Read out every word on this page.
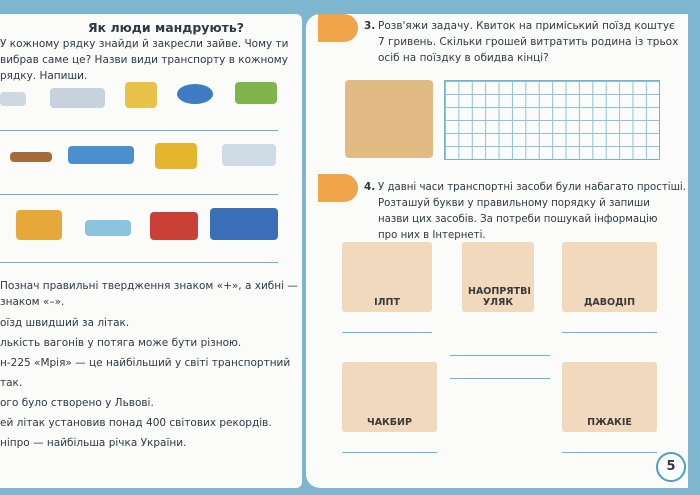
Як люди мандрують?
У кожному рядку знайди й закресли зайве. Чому ти
вибрав саме це? Назви види транспорту в кожному
рядку. Напиши.
Познач правильні твердження знаком «+», а хибні —
знаком «–».
оїзд швидший за літак.
лькість вагонів у потяга може бути різною.
н-225 «Мрія» — це найбільший у світі транспортний
так.
ого було створено у Львові.
ей літак установив понад 400 світових рекордів.
ніпро — найбільша річка України.
3. Розв'яжи задачу. Квиток на приміський поїзд коштує
7 гривень. Скільки грошей витратить родина із трьох
осіб на поїздку в обидва кінці?
4. У давні часи транспортні засоби були набагато простіші.
Розташуй букви у правильному порядку й запиши
назви цих засобів. За потреби пошукай інформацію
про них в Інтернеті.
ІЛПТ
НАОПРЯТВІ УЛЯК	ДАВОДІП
ЧАКБИР	ПЖАКІЕ
5
